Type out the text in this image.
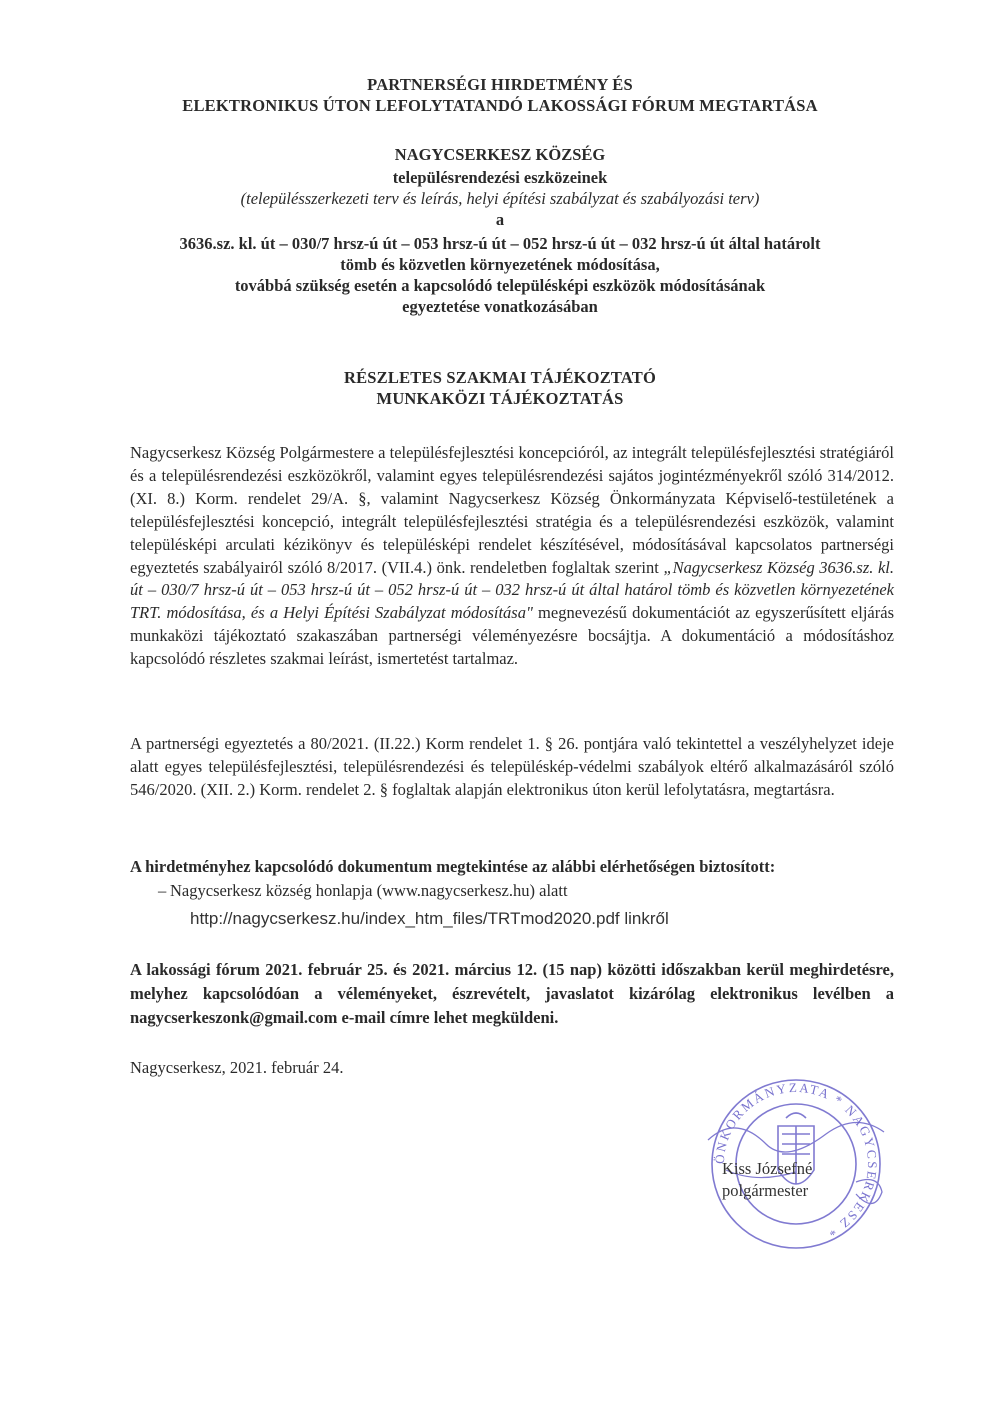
PARTNERSÉGI HIRDETMÉNY ÉS
ELEKTRONIKUS ÚTON LEFOLYTATANDÓ LAKOSSÁGI FÓRUM MEGTARTÁSA
NAGYCSERKESZ KÖZSÉG
településrendezési eszközeinek
(településszerkezeti terv és leírás, helyi építési szabályzat és szabályozási terv)
a
3636.sz. kl. út – 030/7 hrsz-ú út – 053 hrsz-ú út – 052 hrsz-ú út – 032 hrsz-ú út által határolt
tömb és közvetlen környezetének módosítása,
továbbá szükség esetén a kapcsolódó településképi eszközök módosításának
egyeztetése vonatkozásában
RÉSZLETES SZAKMAI TÁJÉKOZTATÓ
MUNKAKÖZI TÁJÉKOZTATÁS

Nagycserkesz Község Polgármestere a településfejlesztési koncepcióról, az integrált településfejlesztési stratégiáról és a településrendezési eszközökről, valamint egyes településrendezési sajátos jogintézményekről szóló 314/2012. (XI. 8.) Korm. rendelet 29/A. §, valamint Nagycserkesz Község Önkormányzata Képviselő-testületének a településfejlesztési koncepció, integrált településfejlesztési stratégia és a településrendezési eszközök, valamint településképi arculati kézikönyv és településképi rendelet készítésével, módosításával kapcsolatos partnerségi egyeztetés szabályairól szóló 8/2017. (VII.4.) önk. rendeletben foglaltak szerint „Nagycserkesz Község 3636.sz. kl. út – 030/7 hrsz-ú út – 053 hrsz-ú út – 052 hrsz-ú út – 032 hrsz-ú út által határol tömb és közvetlen környezetének TRT. módosítása, és a Helyi Építési Szabályzat módosítása" megnevezésű dokumentációt az egyszerűsített eljárás munkaközi tájékoztató szakaszában partnerségi véleményezésre bocsájtja. A dokumentáció a módosításhoz kapcsolódó részletes szakmai leírást, ismertetést tartalmaz.

A partnerségi egyeztetés a 80/2021. (II.22.) Korm rendelet 1. § 26. pontjára való tekintettel a veszélyhelyzet ideje alatt egyes településfejlesztési, településrendezési és településkép-védelmi szabályok eltérő alkalmazásáról szóló 546/2020. (XII. 2.) Korm. rendelet 2. § foglaltak alapján elektronikus úton kerül lefolytatásra, megtartásra.

A hirdetményhez kapcsolódó dokumentum megtekintése az alábbi elérhetőségen biztosított:
– Nagycserkesz község honlapja (www.nagycserkesz.hu) alatt
http://nagycserkesz.hu/index_htm_files/TRTmod2020.pdf linkről

A lakossági fórum 2021. február 25. és 2021. március 12. (15 nap) közötti időszakban kerül meghirdetésre, melyhez kapcsolódóan a véleményeket, észrevételt, javaslatot kizárólag elektronikus levélben a nagycserkeszonk@gmail.com e-mail címre lehet megküldeni.

Nagycserkesz, 2021. február 24.
ÖNKORMÁNYZATA * NAGYCSERKESZ *
Kiss Józsefné
polgármester
